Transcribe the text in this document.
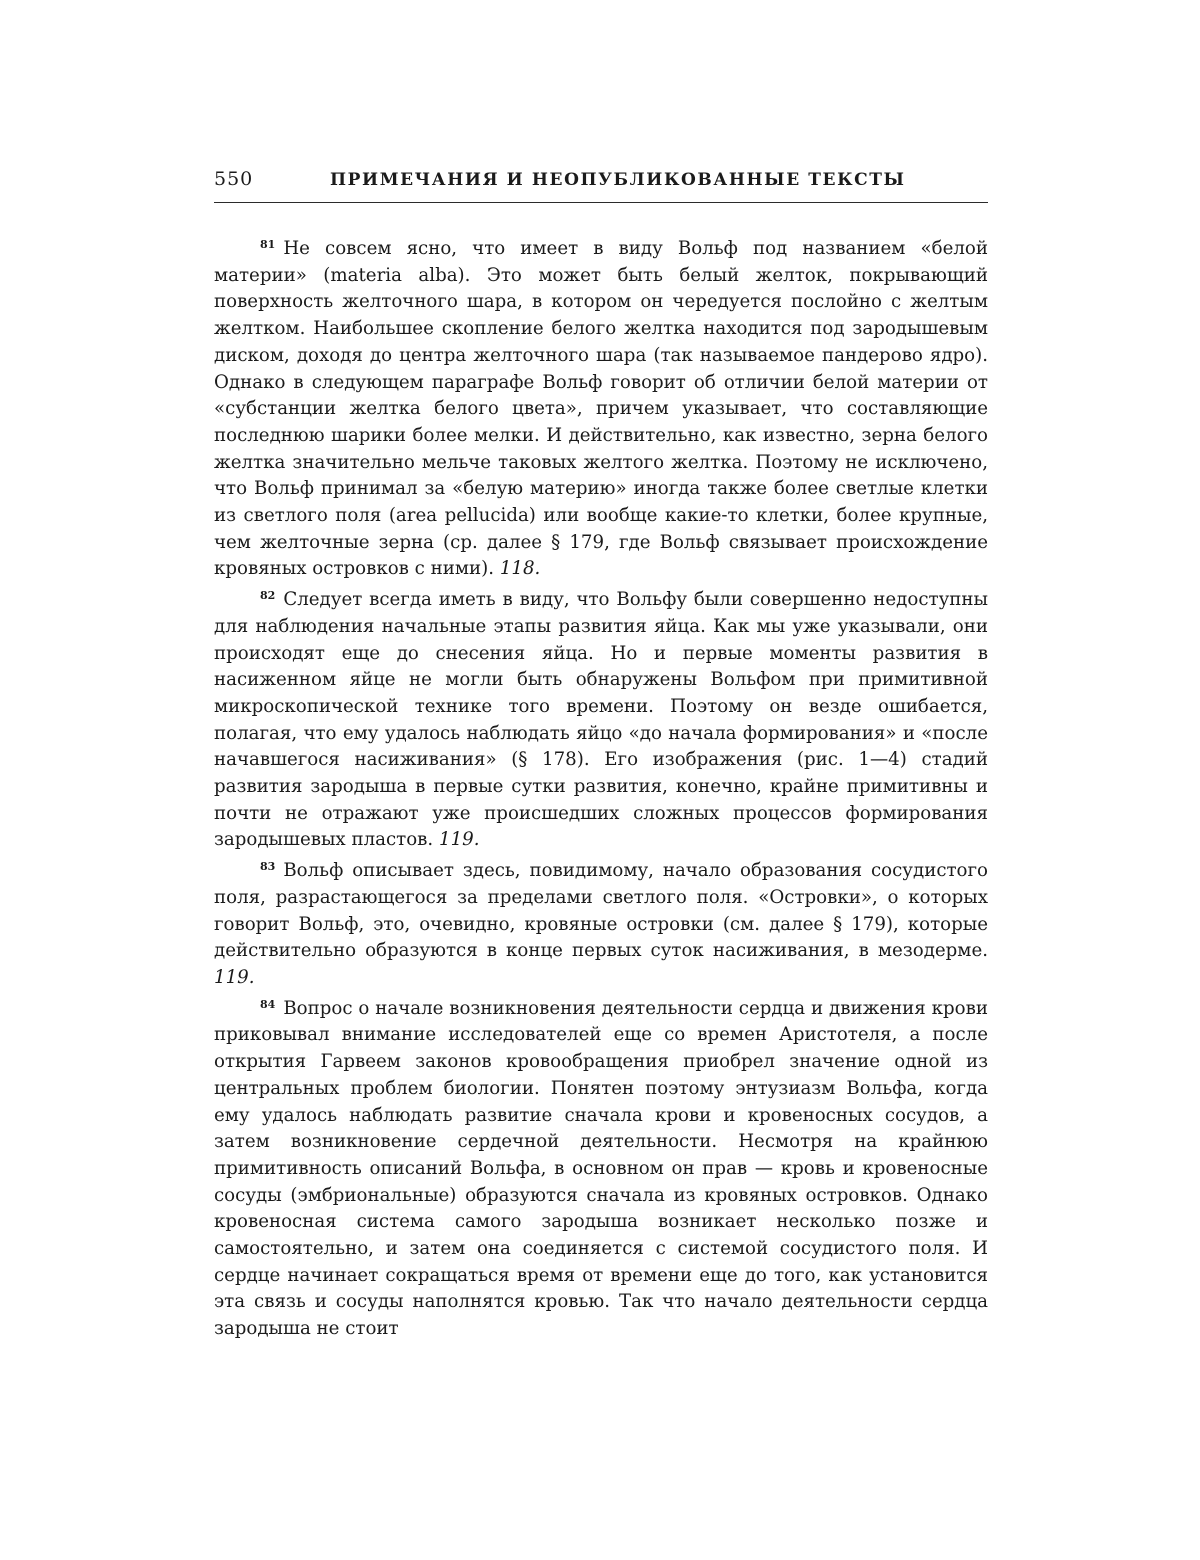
550	ПРИМЕЧАНИЯ И НЕОПУБЛИКОВАННЫЕ ТЕКСТЫ

81 Не совсем ясно, что имеет в виду Вольф под названием «белой материи» (materia alba). Это может быть белый желток, покрывающий поверхность желточного шара, в котором он чередуется послойно с желтым желтком. Наибольшее скопление белого желтка находится под зародышевым диском, доходя до центра желточного шара (так называемое пандерово ядро). Однако в следующем параграфе Вольф говорит об отличии белой материи от «субстанции желтка белого цвета», причем указывает, что составляющие последнюю шарики более мелки. И действительно, как известно, зерна белого желтка значительно мельче таковых желтого желтка. Поэтому не исключено, что Вольф принимал за «белую материю» иногда также более светлые клетки из светлого поля (area pellucida) или вообще какие-то клетки, более крупные, чем желточные зерна (ср. далее § 179, где Вольф связывает происхождение кровяных островков с ними). 118.

82 Следует всегда иметь в виду, что Вольфу были совершенно недоступны для наблюдения начальные этапы развития яйца. Как мы уже указывали, они происходят еще до снесения яйца. Но и первые моменты развития в насиженном яйце не могли быть обнаружены Вольфом при примитивной микроскопической технике того времени. Поэтому он везде ошибается, полагая, что ему удалось наблюдать яйцо «до начала формирования» и «после начавшегося насиживания» (§ 178). Его изображения (рис. 1—4) стадий развития зародыша в первые сутки развития, конечно, крайне примитивны и почти не отражают уже происшедших сложных процессов формирования зародышевых пластов. 119.

83 Вольф описывает здесь, повидимому, начало образования сосудистого поля, разрастающегося за пределами светлого поля. «Островки», о которых говорит Вольф, это, очевидно, кровяные островки (см. далее § 179), которые действительно образуются в конце первых суток насиживания, в мезодерме. 119.

84 Вопрос о начале возникновения деятельности сердца и движения крови приковывал внимание исследователей еще со времен Аристотеля, а после открытия Гарвеем законов кровообращения приобрел значение одной из центральных проблем биологии. Понятен поэтому энтузиазм Вольфа, когда ему удалось наблюдать развитие сначала крови и кровеносных сосудов, а затем возникновение сердечной деятельности. Несмотря на крайнюю примитивность описаний Вольфа, в основном он прав — кровь и кровеносные сосуды (эмбриональные) образуются сначала из кровяных островков. Однако кровеносная система самого зародыша возникает несколько позже и самостоятельно, и затем она соединяется с системой сосудистого поля. И сердце начинает сокращаться время от времени еще до того, как установится эта связь и сосуды наполнятся кровью. Так что начало деятельности сердца зародыша не стоит
